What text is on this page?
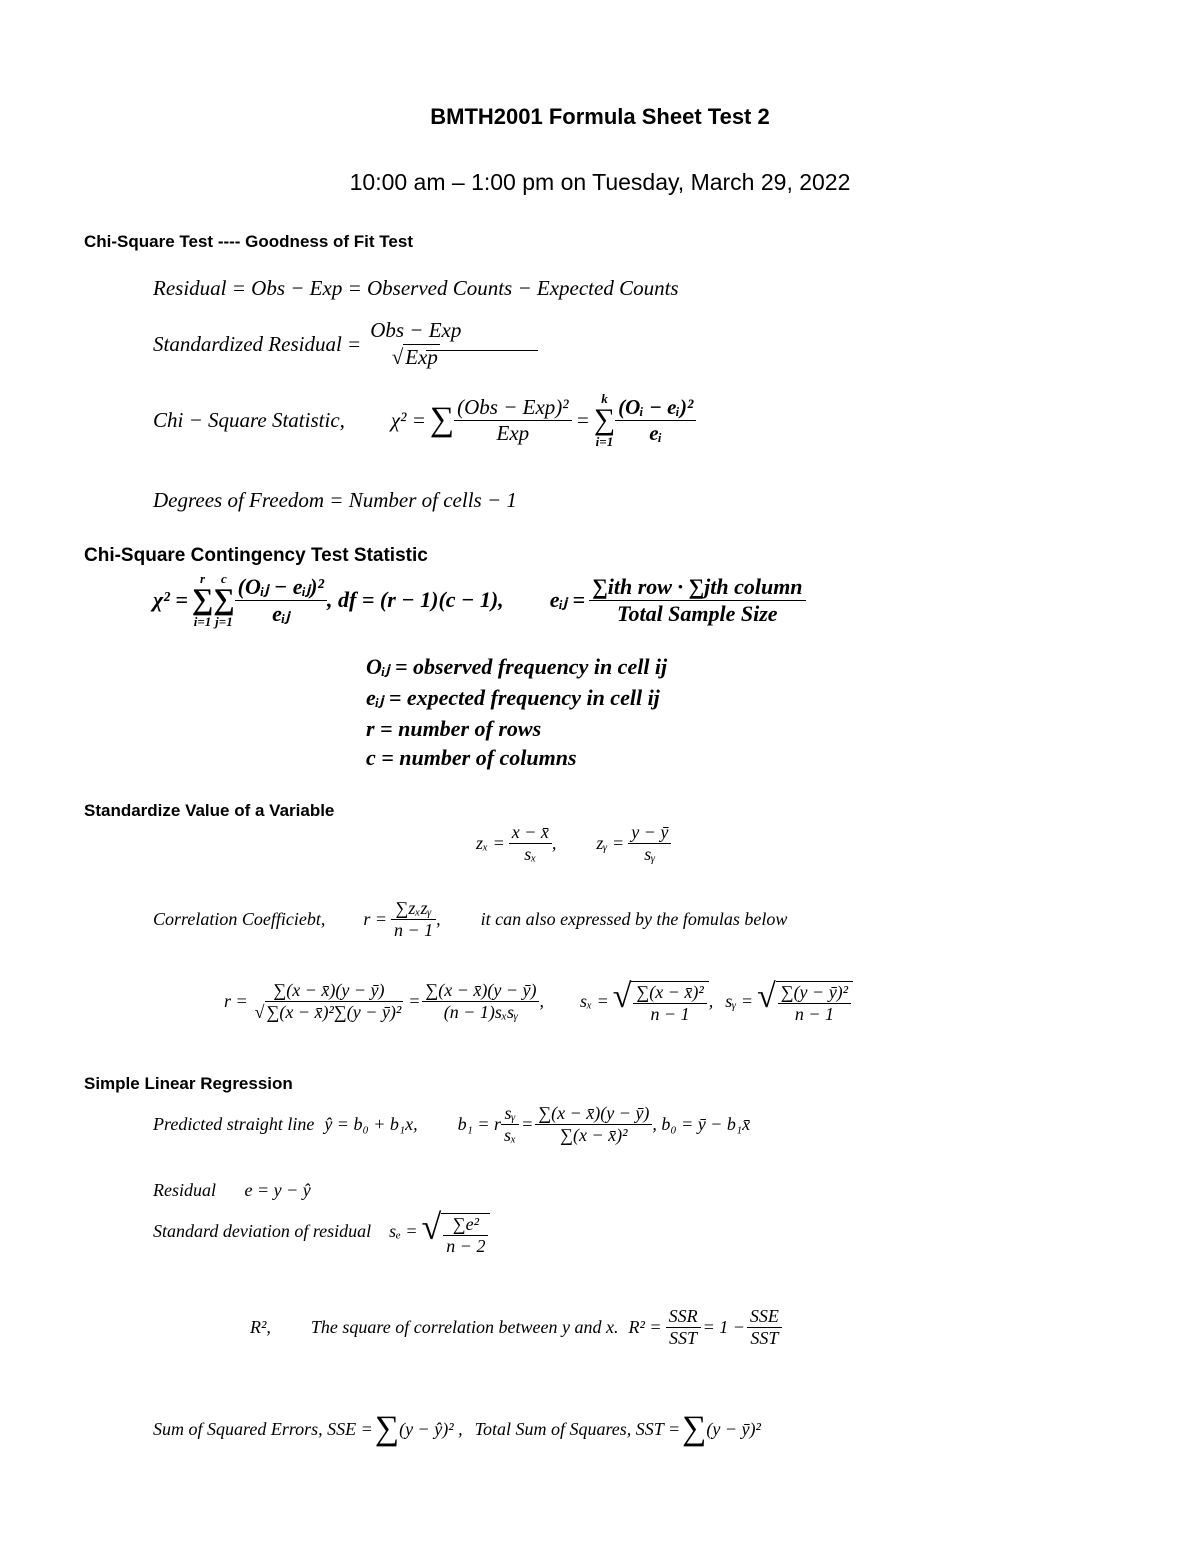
BMTH2001 Formula Sheet Test 2
10:00 am – 1:00 pm on Tuesday, March 29, 2022
Chi-Square Test ---- Goodness of Fit Test
Residual = Obs − Exp = Observed Counts − Expected Counts
Standardized Residual =
Obs − Exp
√Exp
Chi − Square Statistic, χ² = ∑ $\frac{\text{(Obs − Exp)²}}{\text{Exp}}$ =
k
∑
$i=1 \frac{\text{(Oᵢ − eᵢ)²}}{\text{eᵢ}}$
Degrees of Freedom = Number of cells − 1
Chi-Square Contingency Test Statistic
χ² =
r
∑
i=1
c
∑
$j=1 \frac{\text{(Oᵢⱼ − eᵢⱼ)²}}{\text{eᵢⱼ}}$ , df = (r − 1)(c − 1), eᵢⱼ = $\frac{\text{∑ith row · ∑jth column}}{\text{Total Sample Size}}$
Oᵢⱼ = observed frequency in cell ij
eᵢⱼ = expected frequency in cell ij
r = number of rows
c = number of columns
Standardize Value of a Variable
$z_x = \frac{x - x̄}{\text{sₓ}}$ , zᵧ = $\frac{y - ȳ}{\text{sᵧ}}$
Correlation Coefficiebt, $r = \frac{\text{∑zₓzᵧ}}{n - 1}$ , it can also expressed by the fomulas below
r =
∑(x − x̄)(y − ȳ)
√ ∑(x − x̄)²∑(y − ȳ)²
= $\frac{\sum(x - x̄)(y - ȳ)}{\text{(n − 1)sₓsᵧ}}$ , sₓ = √ $\frac{\text{∑(x − x̄)²}}{n - 1}$ , sᵧ = √ $\frac{\text{∑(y − ȳ)²}}{n - 1}$
Simple Linear Regression
Predicted straight line ŷ = b₀ + b₁x, b₁ = r $\frac{\text{sᵧ}}{\text{sₓ}} = \frac{\sum(x - x̄)(y - ȳ)}{\text{∑(x − x̄)²}}$ , b₀ = ȳ − b₁x̄
Residual e = y − ŷ
Standard deviation of residual sₑ = √ $\frac{\text{∑e²}}{n - 2}$
R², The square of correlation between y and x. $R^2 = \frac{\text{SSR}}{\text{SST}} = 1 - \frac{\text{SSE}}{\text{SST}}$
Sum of Squared Errors, SSE = ∑ (y − ŷ)² , Total Sum of Squares, SST = ∑ (y − ȳ)²
